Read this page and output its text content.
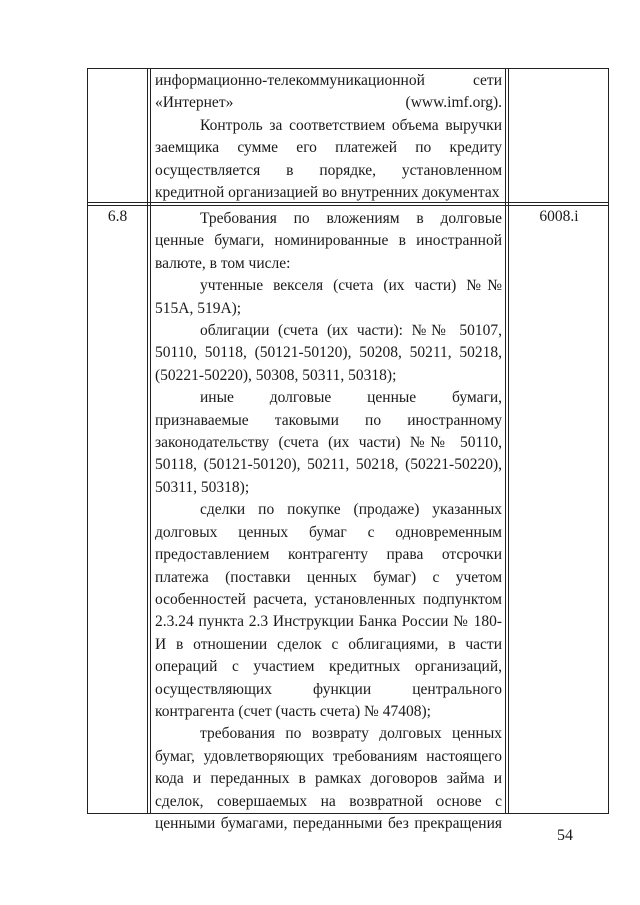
информационно-телекоммуникационной сети «Интернет» (www.imf.org).

Контроль за соответствием объема выручки заемщика сумме его платежей по кредиту осуществляется в порядке, установленном кредитной организацией во внутренних документах

6.8	6008.i

Требования по вложениям в долговые ценные бумаги, номинированные в иностранной валюте, в том числе:

учтенные векселя (счета (их части) №№ 515А, 519А);

облигации (счета (их части): №№ 50107, 50110, 50118, (50121-50120), 50208, 50211, 50218, (50221-50220), 50308, 50311, 50318);

иные долговые ценные бумаги, признаваемые таковыми по иностранному законодательству (счета (их части) №№ 50110, 50118, (50121-50120), 50211, 50218, (50221-50220), 50311, 50318);

сделки по покупке (продаже) указанных долговых ценных бумаг с одновременным предоставлением контрагенту права отсрочки платежа (поставки ценных бумаг) с учетом особенностей расчета, установленных подпунктом 2.3.24 пункта 2.3 Инструкции Банка России № 180-И в отношении сделок с облигациями, в части операций с участием кредитных организаций, осуществляющих функции центрального контрагента (счет (часть счета) № 47408);

требования по возврату долговых ценных бумаг, удовлетворяющих требованиям настоящего кода и переданных в рамках договоров займа и сделок, совершаемых на возвратной основе с ценными бумагами, переданными без прекращения

54
